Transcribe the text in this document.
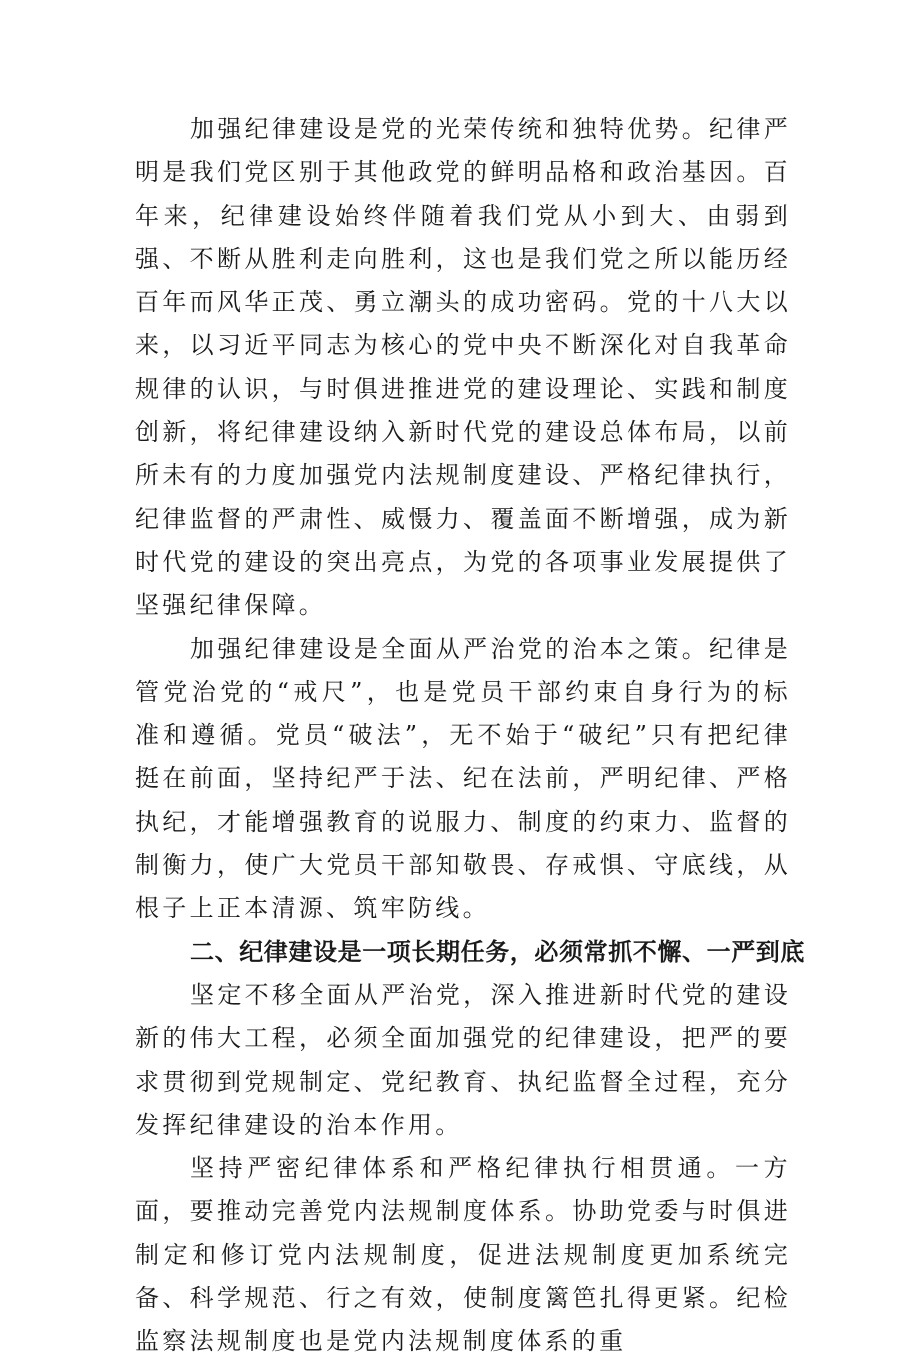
加强纪律建设是党的光荣传统和独特优势。纪律严明是我们党区别于其他政党的鲜明品格和政治基因。百年来，纪律建设始终伴随着我们党从小到大、由弱到强、不断从胜利走向胜利，这也是我们党之所以能历经百年而风华正茂、勇立潮头的成功密码。党的十八大以来，以习近平同志为核心的党中央不断深化对自我革命规律的认识，与时俱进推进党的建设理论、实践和制度创新，将纪律建设纳入新时代党的建设总体布局，以前所未有的力度加强党内法规制度建设、严格纪律执行，纪律监督的严肃性、威慑力、覆盖面不断增强，成为新时代党的建设的突出亮点，为党的各项事业发展提供了坚强纪律保障。

加强纪律建设是全面从严治党的治本之策。纪律是管党治党的“戒尺”，也是党员干部约束自身行为的标准和遵循。党员“破法”，无不始于“破纪”只有把纪律挺在前面，坚持纪严于法、纪在法前，严明纪律、严格执纪，才能增强教育的说服力、制度的约束力、监督的制衡力，使广大党员干部知敬畏、存戒惧、守底线，从根子上正本清源、筑牢防线。

二、纪律建设是一项长期任务，必须常抓不懈、一严到底

坚定不移全面从严治党，深入推进新时代党的建设新的伟大工程，必须全面加强党的纪律建设，把严的要求贯彻到党规制定、党纪教育、执纪监督全过程，充分发挥纪律建设的治本作用。

坚持严密纪律体系和严格纪律执行相贯通。一方面，要推动完善党内法规制度体系。协助党委与时俱进制定和修订党内法规制度，促进法规制度更加系统完备、科学规范、行之有效，使制度篱笆扎得更紧。纪检监察法规制度也是党内法规制度体系的重
